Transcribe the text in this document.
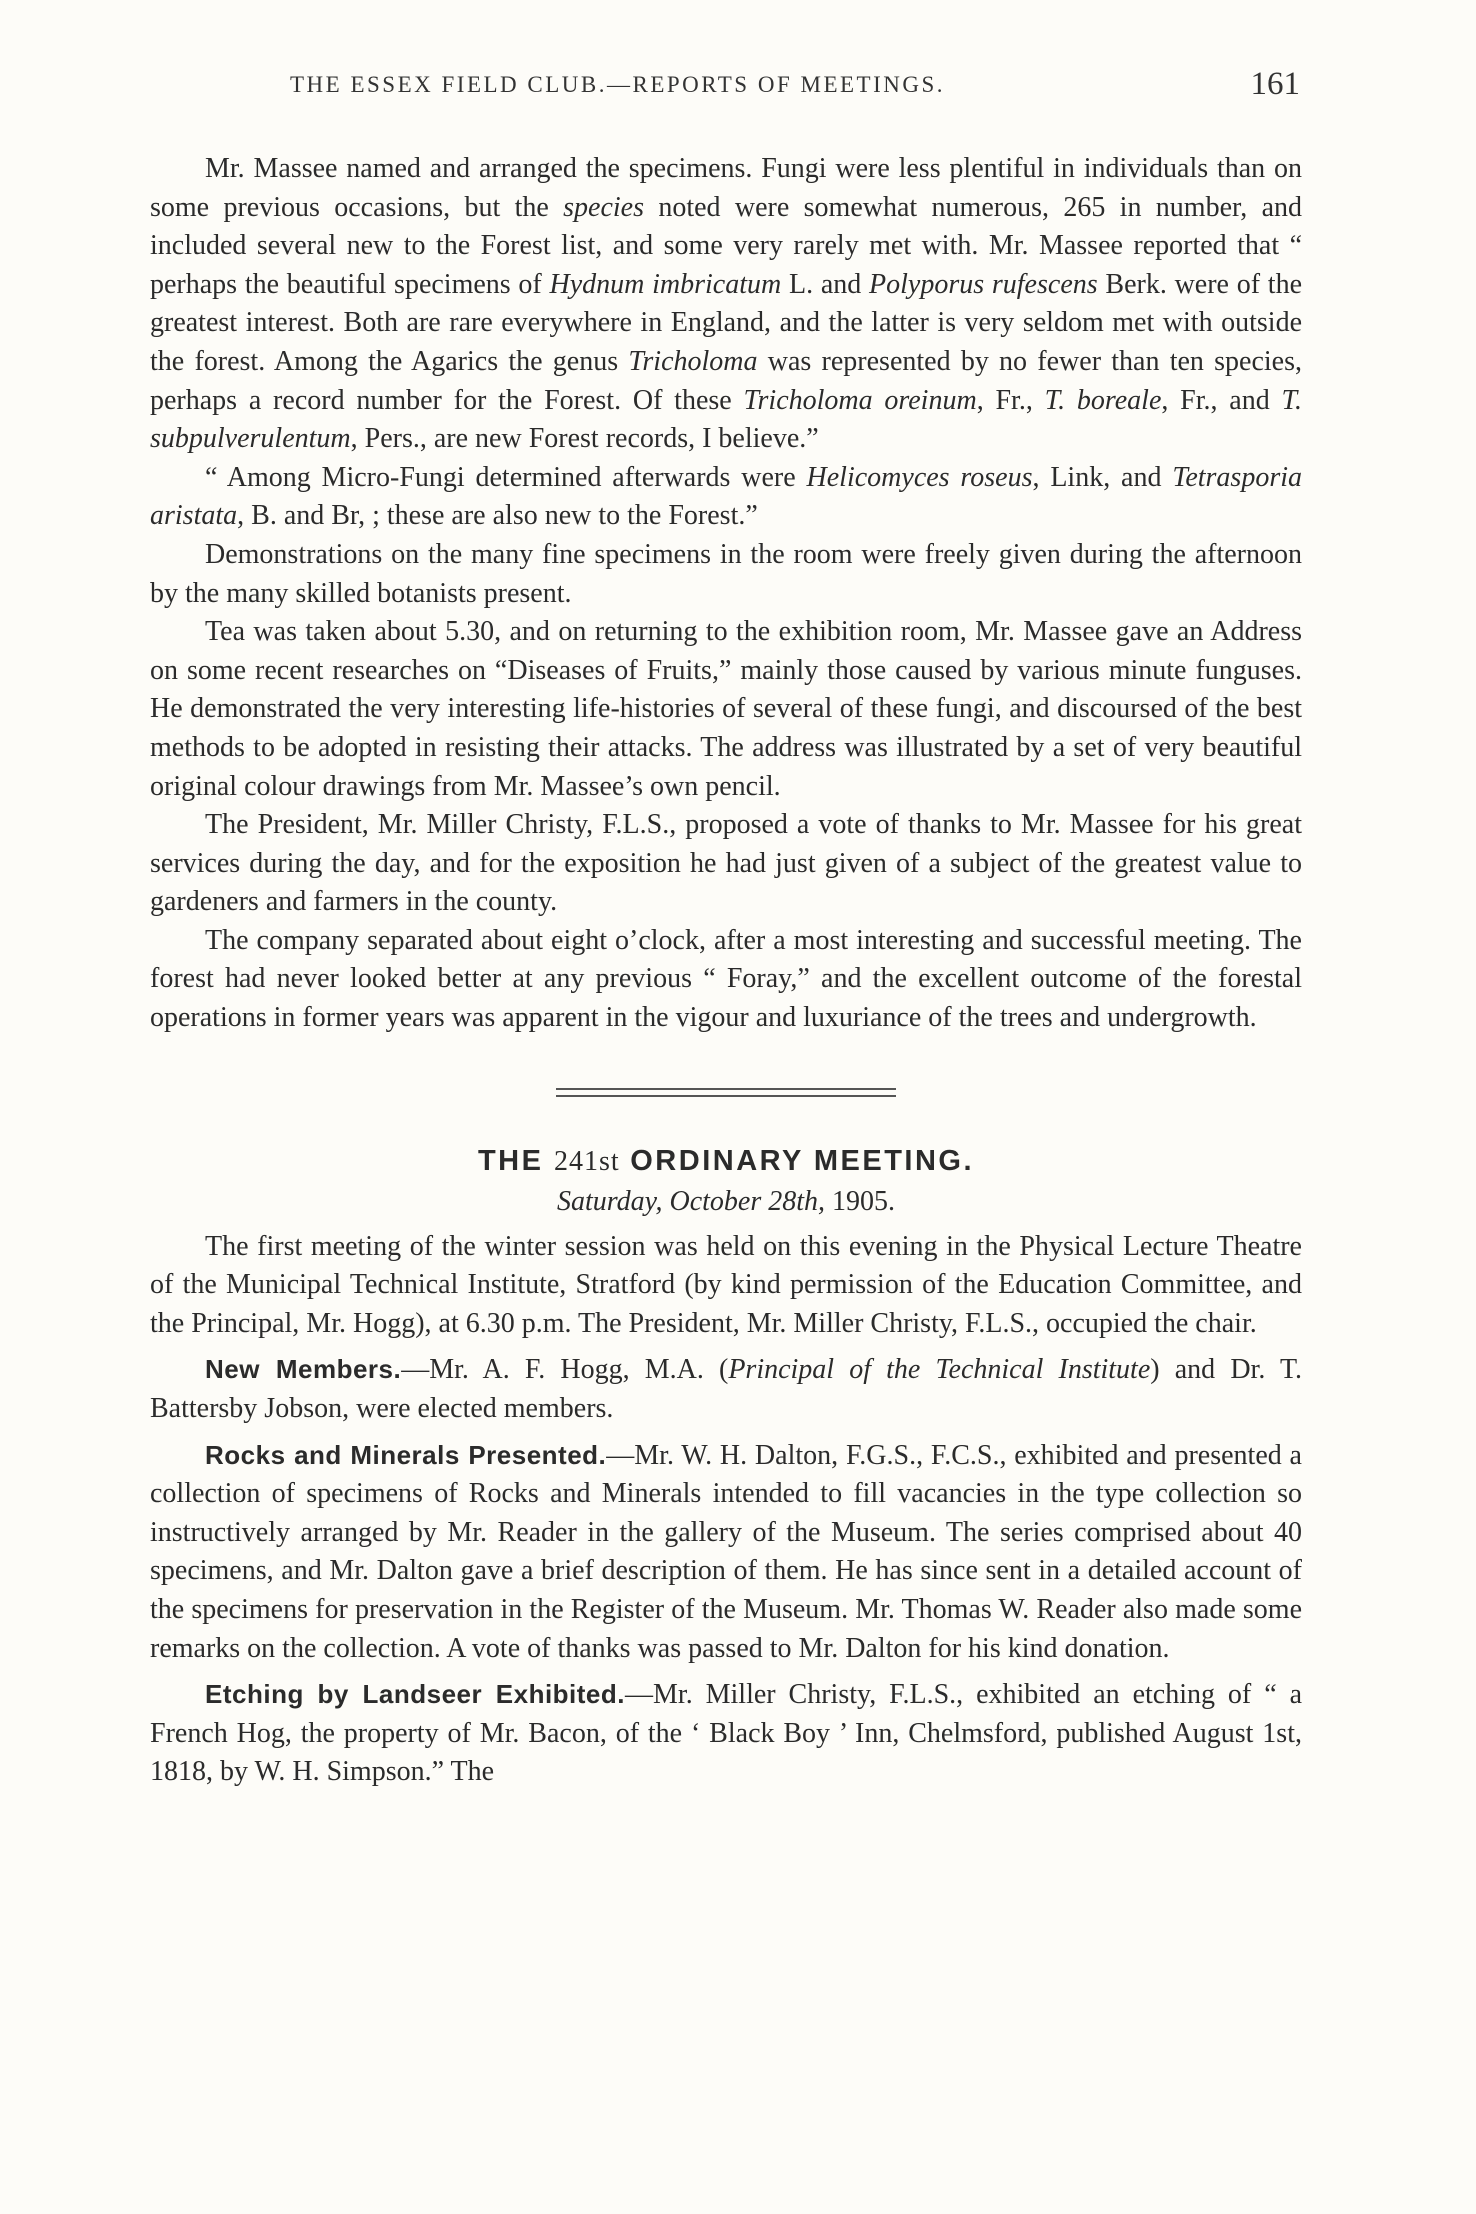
THE ESSEX FIELD CLUB.—REPORTS OF MEETINGS.	161

Mr. Massee named and arranged the specimens. Fungi were less plentiful in individuals than on some previous occasions, but the species noted were somewhat numerous, 265 in number, and included several new to the Forest list, and some very rarely met with. Mr. Massee reported that “ perhaps the beautiful specimens of Hydnum imbricatum L. and Polyporus rufescens Berk. were of the greatest interest. Both are rare everywhere in England, and the latter is very seldom met with outside the forest. Among the Agarics the genus Tricholoma was represented by no fewer than ten species, perhaps a record number for the Forest. Of these Tricholoma oreinum, Fr., T. boreale, Fr., and T. subpulverulentum, Pers., are new Forest records, I believe.”

“ Among Micro-Fungi determined afterwards were Helicomyces roseus, Link, and Tetrasporia aristata, B. and Br, ; these are also new to the Forest.”

Demonstrations on the many fine specimens in the room were freely given during the afternoon by the many skilled botanists present.

Tea was taken about 5.30, and on returning to the exhibition room, Mr. Massee gave an Address on some recent researches on “Diseases of Fruits,” mainly those caused by various minute funguses. He demonstrated the very interesting life-histories of several of these fungi, and discoursed of the best methods to be adopted in resisting their attacks. The address was illustrated by a set of very beautiful original colour drawings from Mr. Massee’s own pencil.

The President, Mr. Miller Christy, F.L.S., proposed a vote of thanks to Mr. Massee for his great services during the day, and for the exposition he had just given of a subject of the greatest value to gardeners and farmers in the county.

The company separated about eight o’clock, after a most interesting and successful meeting. The forest had never looked better at any previous “ Foray,” and the excellent outcome of the forestal operations in former years was apparent in the vigour and luxuriance of the trees and undergrowth.

THE 241st ORDINARY MEETING.
Saturday, October 28th, 1905.

The first meeting of the winter session was held on this evening in the Physical Lecture Theatre of the Municipal Technical Institute, Stratford (by kind permission of the Education Committee, and the Principal, Mr. Hogg), at 6.30 p.m. The President, Mr. Miller Christy, F.L.S., occupied the chair.

New Members.—Mr. A. F. Hogg, M.A. (Principal of the Technical Institute) and Dr. T. Battersby Jobson, were elected members.

Rocks and Minerals Presented.—Mr. W. H. Dalton, F.G.S., F.C.S., exhibited and presented a collection of specimens of Rocks and Minerals intended to fill vacancies in the type collection so instructively arranged by Mr. Reader in the gallery of the Museum. The series comprised about 40 specimens, and Mr. Dalton gave a brief description of them. He has since sent in a detailed account of the specimens for preservation in the Register of the Museum. Mr. Thomas W. Reader also made some remarks on the collection. A vote of thanks was passed to Mr. Dalton for his kind donation.

Etching by Landseer Exhibited.—Mr. Miller Christy, F.L.S., exhibited an etching of “ a French Hog, the property of Mr. Bacon, of the ‘ Black Boy ’ Inn, Chelmsford, published August 1st, 1818, by W. H. Simpson.” The
